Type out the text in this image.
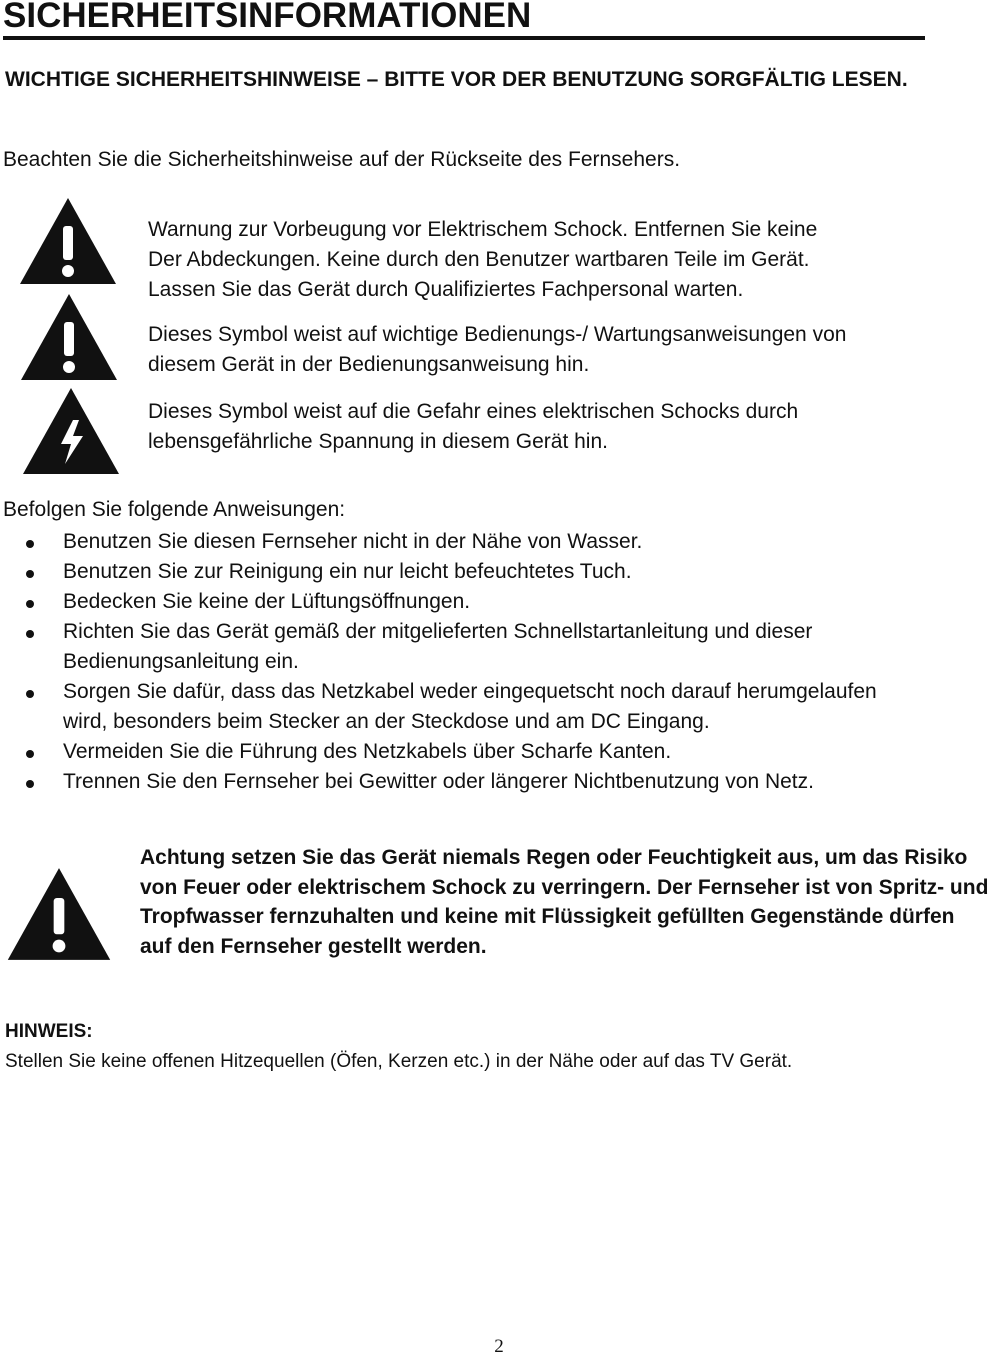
SICHERHEITSINFORMATIONEN
WICHTIGE SICHERHEITSHINWEISE – BITTE VOR DER BENUTZUNG SORGFÄLTIG LESEN.
Beachten Sie die Sicherheitshinweise auf der Rückseite des Fernsehers.
Warnung zur Vorbeugung vor Elektrischem Schock. Entfernen Sie keine
Der Abdeckungen. Keine durch den Benutzer wartbaren Teile im Gerät.
Lassen Sie das Gerät durch Qualifiziertes Fachpersonal warten.
Dieses Symbol weist auf wichtige Bedienungs-/ Wartungsanweisungen von
diesem Gerät in der Bedienungsanweisung hin.
Dieses Symbol weist auf die Gefahr eines elektrischen Schocks durch
lebensgefährliche Spannung in diesem Gerät hin.
Befolgen Sie folgende Anweisungen:
Benutzen Sie diesen Fernseher nicht in der Nähe von Wasser.
Benutzen Sie zur Reinigung ein nur leicht befeuchtetes Tuch.
Bedecken Sie keine der Lüftungsöffnungen.
Richten Sie das Gerät gemäß der mitgelieferten Schnellstartanleitung und dieser Bedienungsanleitung ein.
Sorgen Sie dafür, dass das Netzkabel weder eingequetscht noch darauf herumgelaufen wird, besonders beim Stecker an der Steckdose und am DC Eingang.
Vermeiden Sie die Führung des Netzkabels über Scharfe Kanten.
Trennen Sie den Fernseher bei Gewitter oder längerer Nichtbenutzung von Netz.
Achtung setzen Sie das Gerät niemals Regen oder Feuchtigkeit aus, um das Risiko von Feuer oder elektrischem Schock zu verringern. Der Fernseher ist von Spritz- und Tropfwasser fernzuhalten und keine mit Flüssigkeit gefüllten Gegenstände dürfen auf den Fernseher gestellt werden.
HINWEIS:
Stellen Sie keine offenen Hitzequellen (Öfen, Kerzen etc.) in der Nähe oder auf das TV Gerät.
2
